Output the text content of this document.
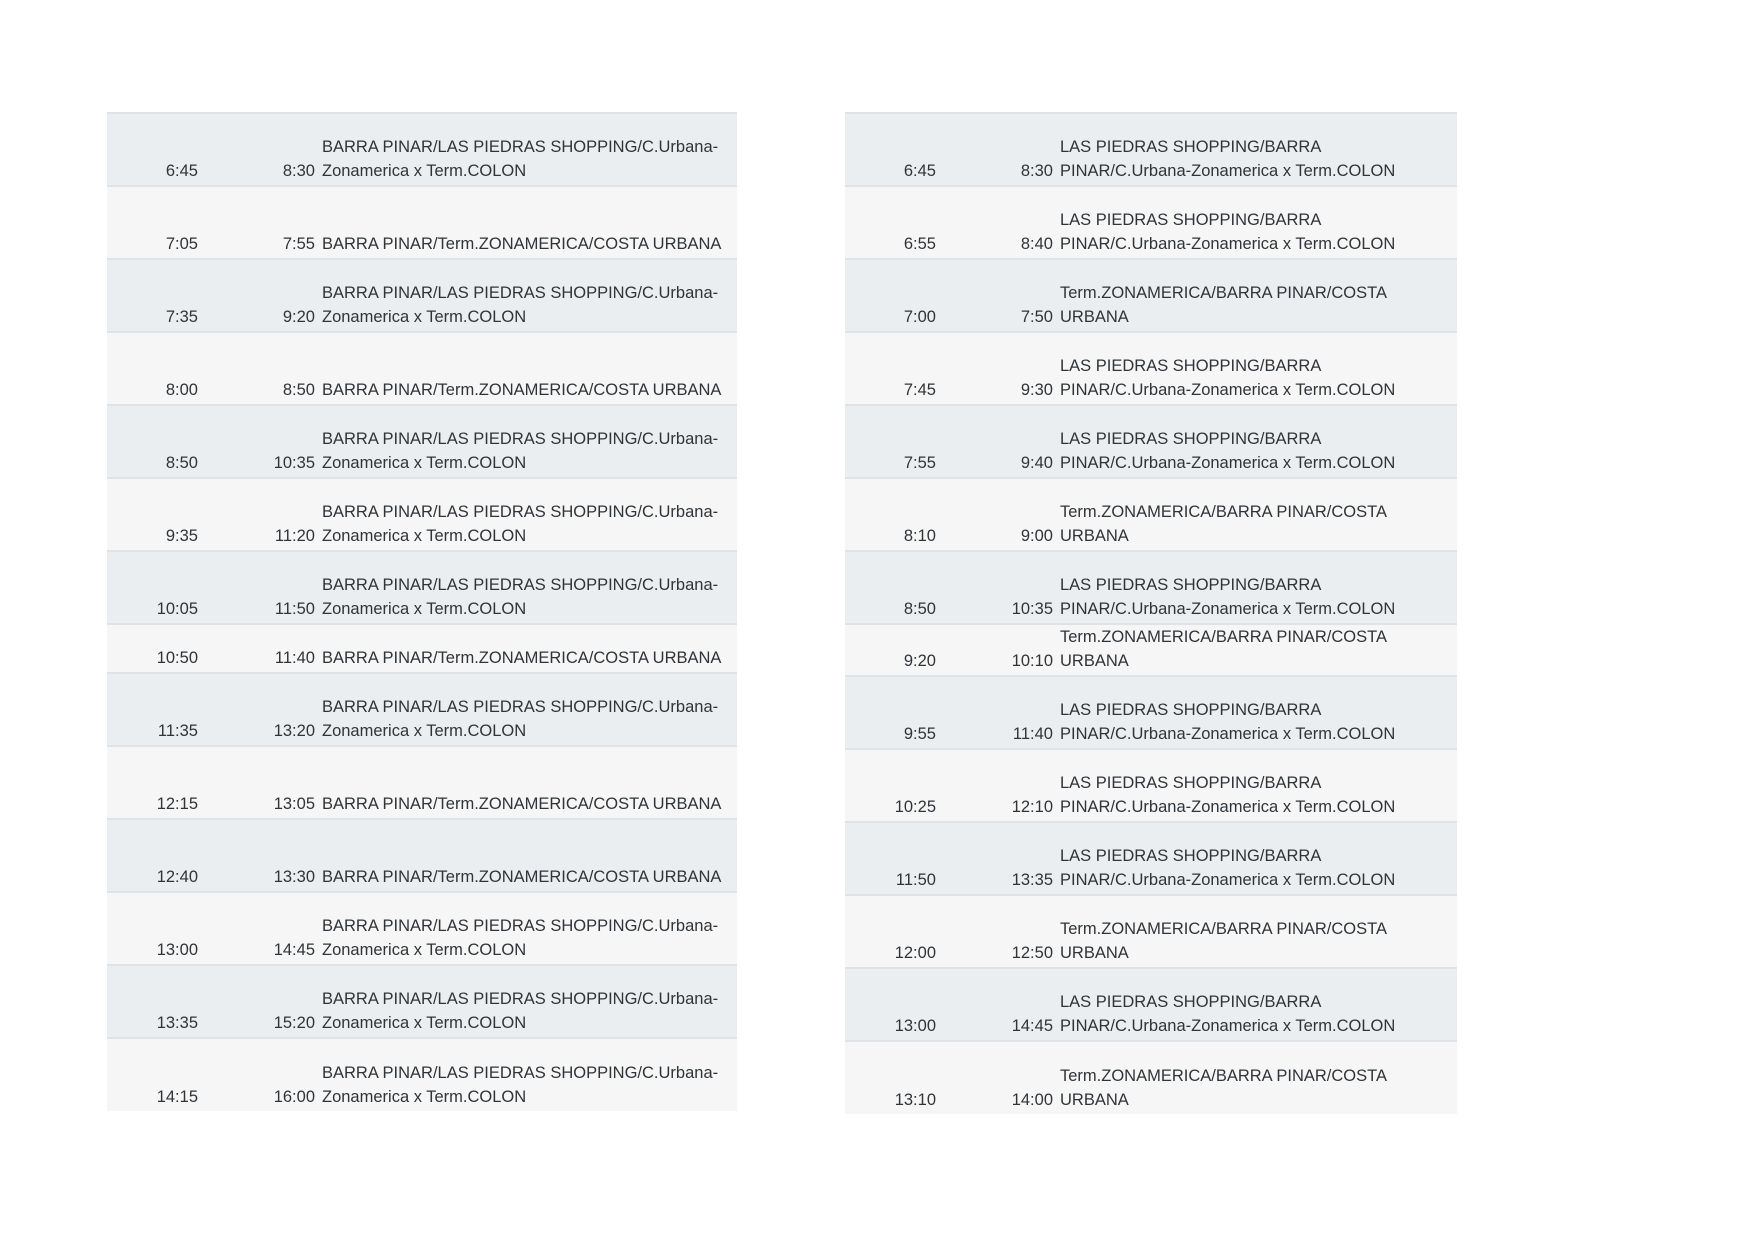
6:45	8:30	BARRA PINAR/LAS PIEDRAS SHOPPING/C.Urbana-Zonamerica x Term.COLON
7:05	7:55	BARRA PINAR/Term.ZONAMERICA/COSTA URBANA
7:35	9:20	BARRA PINAR/LAS PIEDRAS SHOPPING/C.Urbana-Zonamerica x Term.COLON
8:00	8:50	BARRA PINAR/Term.ZONAMERICA/COSTA URBANA
8:50	10:35	BARRA PINAR/LAS PIEDRAS SHOPPING/C.Urbana-Zonamerica x Term.COLON
9:35	11:20	BARRA PINAR/LAS PIEDRAS SHOPPING/C.Urbana-Zonamerica x Term.COLON
10:05	11:50	BARRA PINAR/LAS PIEDRAS SHOPPING/C.Urbana-Zonamerica x Term.COLON
10:50	11:40	BARRA PINAR/Term.ZONAMERICA/COSTA URBANA
11:35	13:20	BARRA PINAR/LAS PIEDRAS SHOPPING/C.Urbana-Zonamerica x Term.COLON
12:15	13:05	BARRA PINAR/Term.ZONAMERICA/COSTA URBANA
12:40	13:30	BARRA PINAR/Term.ZONAMERICA/COSTA URBANA
13:00	14:45	BARRA PINAR/LAS PIEDRAS SHOPPING/C.Urbana-Zonamerica x Term.COLON
13:35	15:20	BARRA PINAR/LAS PIEDRAS SHOPPING/C.Urbana-Zonamerica x Term.COLON
14:15	16:00	BARRA PINAR/LAS PIEDRAS SHOPPING/C.Urbana-Zonamerica x Term.COLON
6:45	8:30	LAS PIEDRAS SHOPPING/BARRA PINAR/C.Urbana-Zonamerica x Term.COLON
6:55	8:40	LAS PIEDRAS SHOPPING/BARRA PINAR/C.Urbana-Zonamerica x Term.COLON
7:00	7:50	Term.ZONAMERICA/BARRA PINAR/COSTA URBANA
7:45	9:30	LAS PIEDRAS SHOPPING/BARRA PINAR/C.Urbana-Zonamerica x Term.COLON
7:55	9:40	LAS PIEDRAS SHOPPING/BARRA PINAR/C.Urbana-Zonamerica x Term.COLON
8:10	9:00	Term.ZONAMERICA/BARRA PINAR/COSTA URBANA
8:50	10:35	LAS PIEDRAS SHOPPING/BARRA PINAR/C.Urbana-Zonamerica x Term.COLON
9:20	10:10	Term.ZONAMERICA/BARRA PINAR/COSTA URBANA
9:55	11:40	LAS PIEDRAS SHOPPING/BARRA PINAR/C.Urbana-Zonamerica x Term.COLON
10:25	12:10	LAS PIEDRAS SHOPPING/BARRA PINAR/C.Urbana-Zonamerica x Term.COLON
11:50	13:35	LAS PIEDRAS SHOPPING/BARRA PINAR/C.Urbana-Zonamerica x Term.COLON
12:00	12:50	Term.ZONAMERICA/BARRA PINAR/COSTA URBANA
13:00	14:45	LAS PIEDRAS SHOPPING/BARRA PINAR/C.Urbana-Zonamerica x Term.COLON
13:10	14:00	Term.ZONAMERICA/BARRA PINAR/COSTA URBANA
